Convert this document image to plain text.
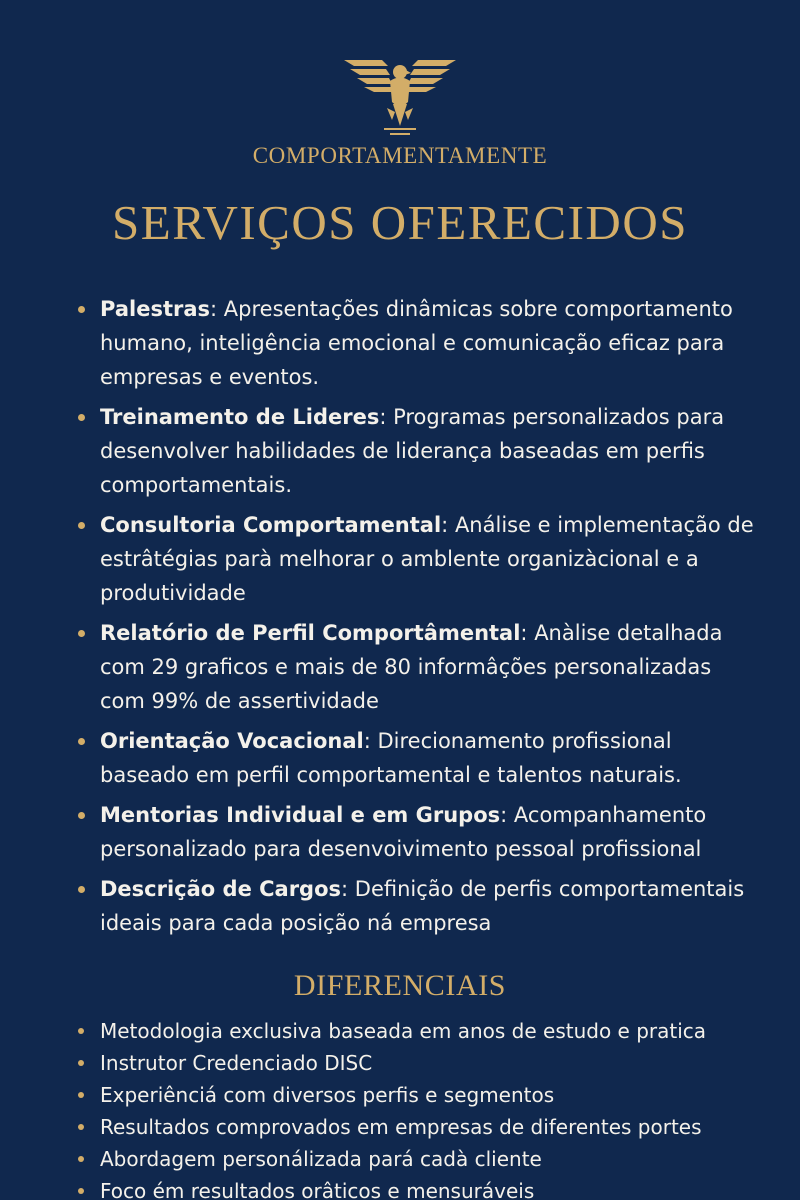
COMPORTAMENTAMENTE
SERVIÇOS OFERECIDOS
Palestras: Apresentações dinâmicas sobre comportamento humano, inteligência emocional e comunicação eficaz para empresas e eventos.
Treinamento de Lideres: Programas personalizados para desenvolver habilidades de liderança baseadas em perfis comportamentais.
Consultoria Comportamental: Análise e implementação de estrâtégias parà melhorar o amblente organizàcional e a produtividade
Relatório de Perfil Comportâmental: Anàlise detalhada com 29 graficos e mais de 80 informâções personalizadas com 99% de assertividade
Orientação Vocacional: Direcionamento profissional baseado em perfil comportamental e talentos naturais.
Mentorias Individual e em Grupos: Acompanhamento personalizado para desenvoivimento pessoal profissional
Descrição de Cargos: Definição de perfis comportamentais ideais para cada posição ná empresa
DIFERENCIAIS
Metodologia exclusiva baseada em anos de estudo e pratica
Instrutor Credenciado DISC
Experiênciá com diversos perfis e segmentos
Resultados comprovados em empresas de diferentes portes
Abordagem personálizada pará cadà cliente
Foco ém resultados orâticos e mensuráveis
